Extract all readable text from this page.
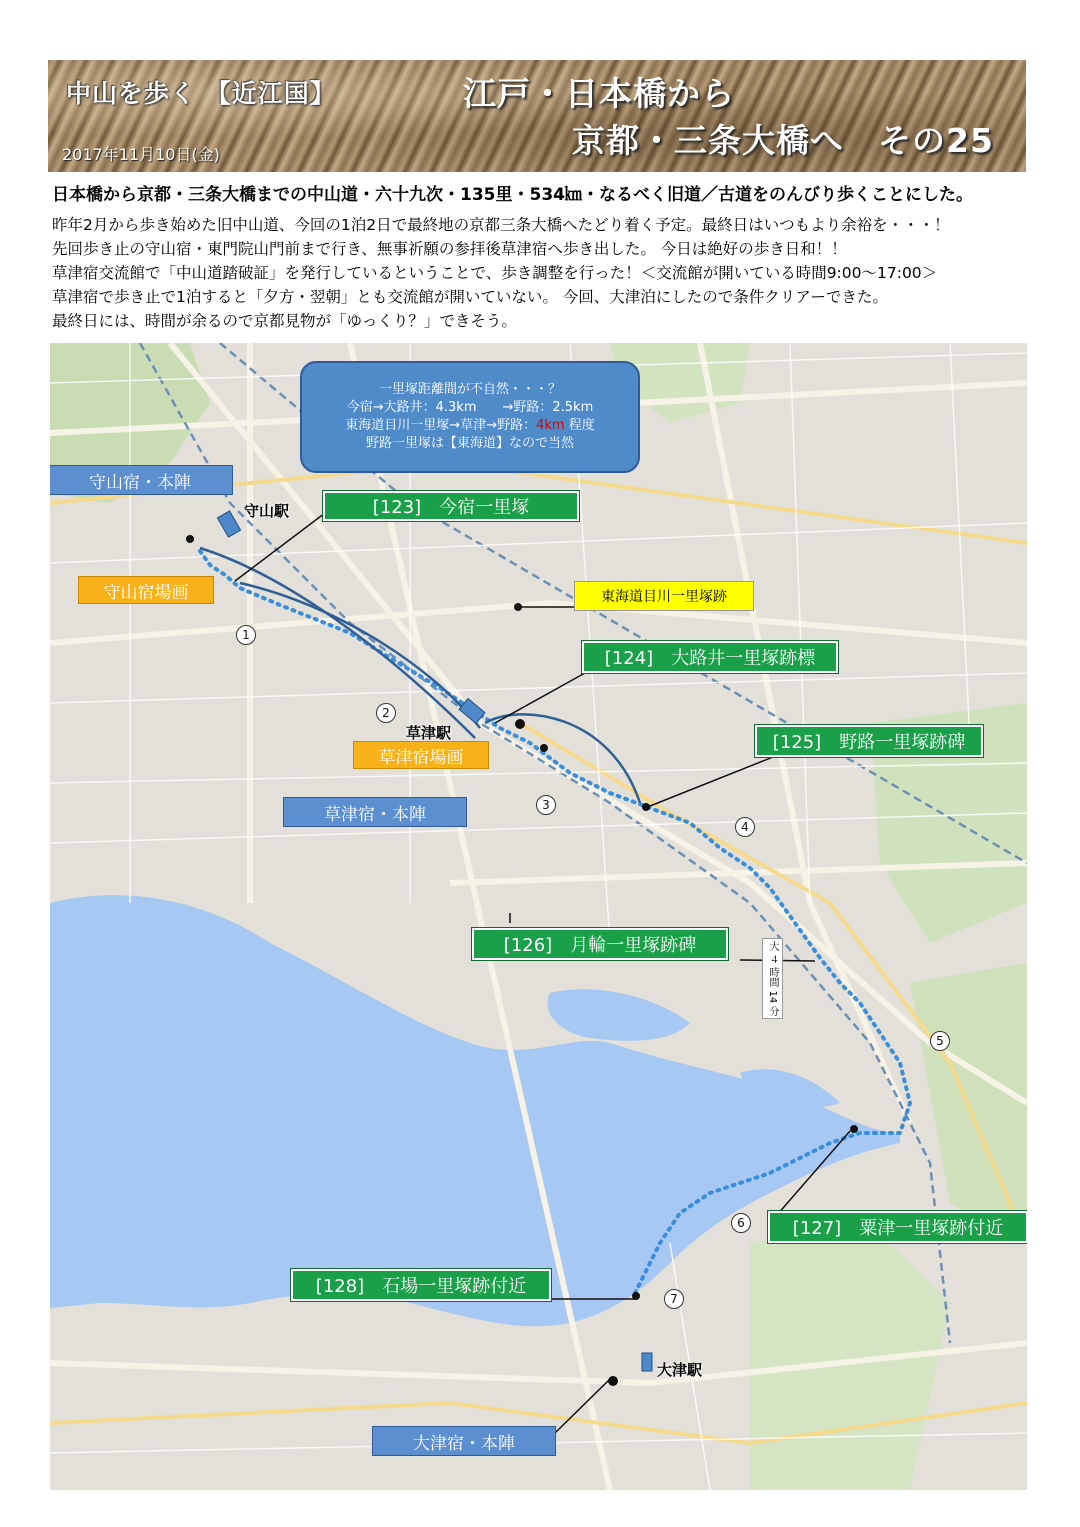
中山を歩く 【近江国】
2017年11月10日(金)
江戸・日本橋から
京都・三条大橋へ　その25
日本橋から京都・三条大橋までの中山道・六十九次・135里・534㎞・なるべく旧道／古道をのんびり歩くことにした。
昨年2月から歩き始めた旧中山道、今回の1泊2日で最終地の京都三条大橋へたどり着く予定。最終日はいつもより余裕を・・・！
先回歩き止の守山宿・東門院山門前まで行き、無事祈願の参拝後草津宿へ歩き出した。 今日は絶好の歩き日和！！
草津宿交流館で「中山道踏破証」を発行しているということで、歩き調整を行った！＜交流館が開いている時間9:00～17:00＞
草津宿で歩き止で1泊すると「夕方・翌朝」とも交流館が開いていない。 今回、大津泊にしたので条件クリアーできた。
最終日には、時間が余るので京都見物が「ゆっくり？」できそう。
一里塚距離間が不自然・・・？
今宿→大路井：4.3km　　→野路：2.5km
東海道目川一里塚→草津→野路：4km 程度
野路一里塚は【東海道】なので当然
守山宿・本陣
守山宿場画
[123]　今宿一里塚
東海道目川一里塚跡
[124]　大路井一里塚跡標
[125]　野路一里塚跡碑
草津宿場画
草津宿・本陣
[126]　月輪一里塚跡碑
[127]　粟津一里塚跡付近
[128]　石場一里塚跡付近
大津宿・本陣
守山駅
草津駅
大津駅
大 ４ 時間 14 分
1
2
3
4
5
6
7
